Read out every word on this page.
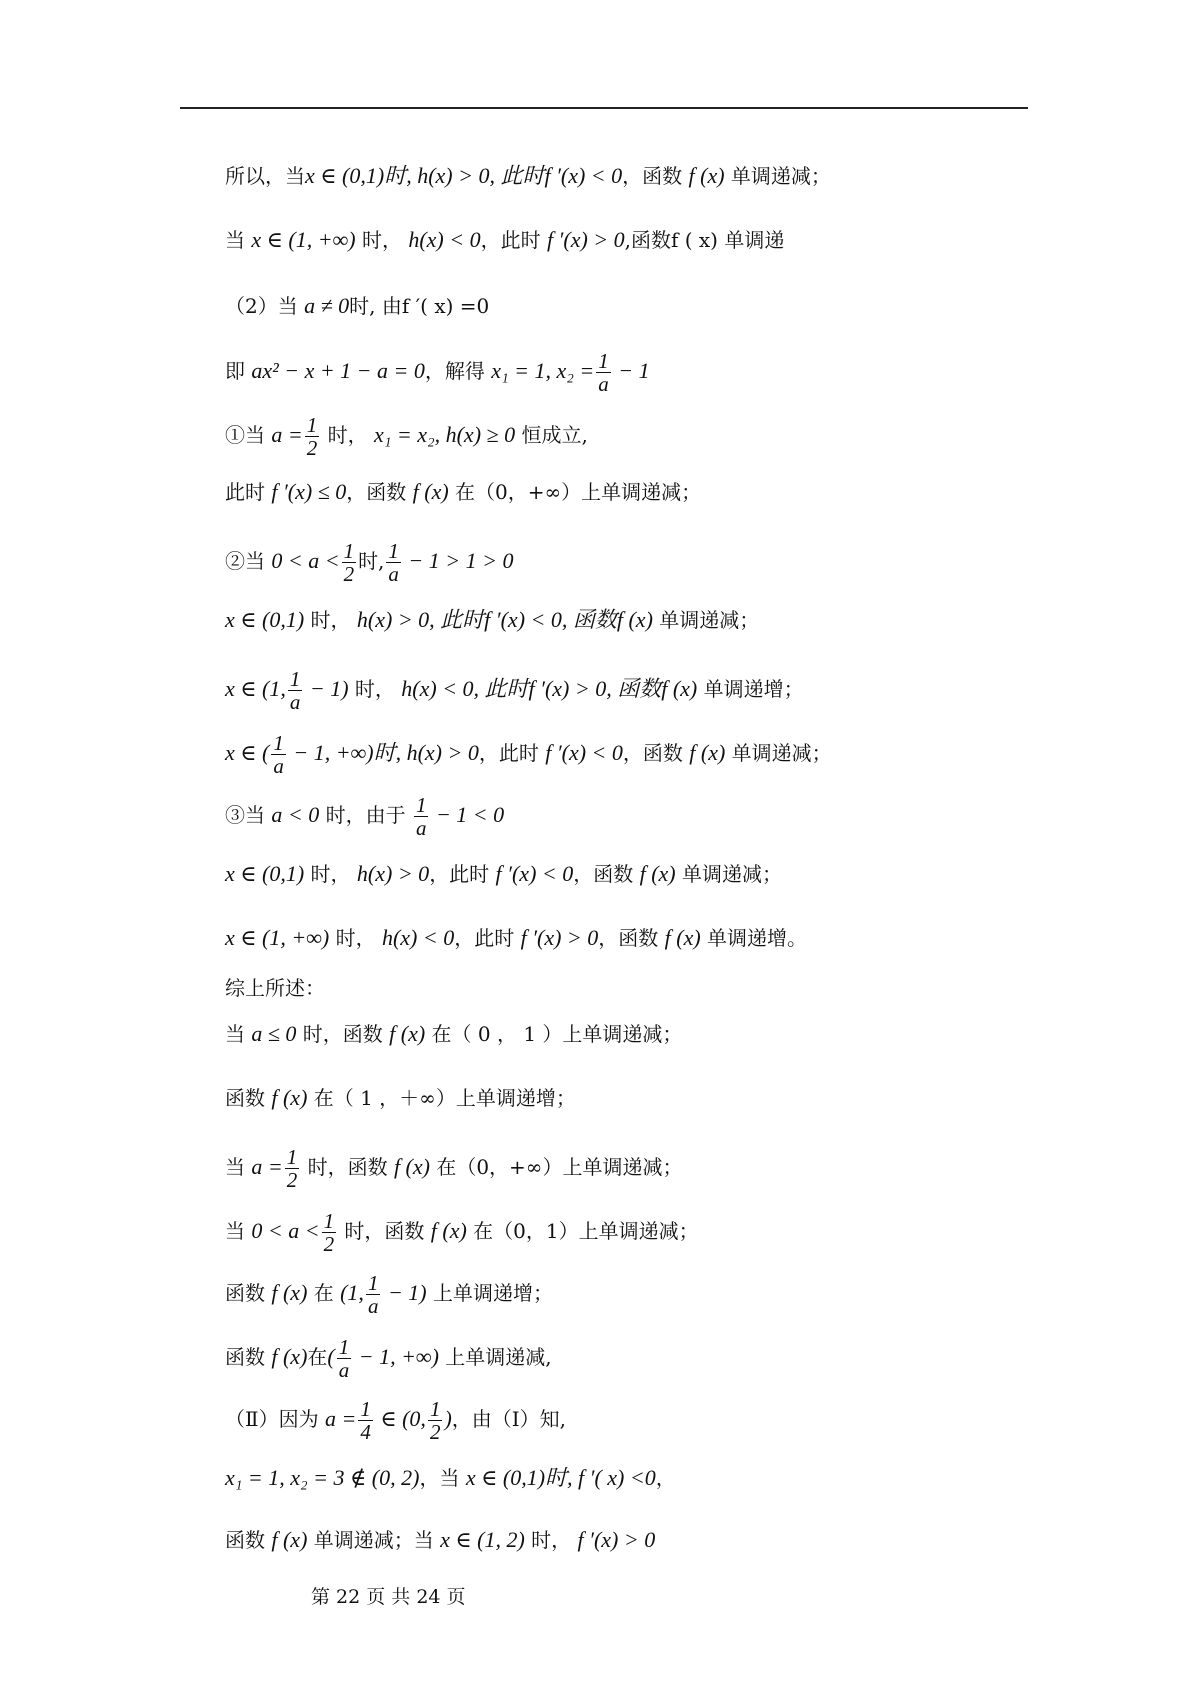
所以，当x ∈ (0,1)时, h(x) > 0, 此时f ′(x) < 0，函数 f (x) 单调递减；
当 x ∈ (1, +∞) 时， h(x) < 0，此时 f ′(x) > 0,函数f ( x) 单调递
（2）当 a ≠ 0时, 由f ′( x) =0
即 ax² − x + 1 − a = 0，解得 x₁ = 1, $x_2 = \frac{1}{a} - 1$
①当 $a = \frac{1}{2}$ 时， x₁ = x₂, h(x) ≥ 0 恒成立,
此时 f ′(x) ≤ 0，函数 f (x) 在（0，+∞）上单调递减；
②当 $0 < a < \frac{1}{2}$ 时, $\frac{1}{a} - 1 > 1 > 0$
x ∈ (0,1) 时， h(x) > 0, 此时f ′(x) < 0, 函数f (x) 单调递减；
x ∈ (1, $\frac{1}{a} - 1$) 时， h(x) < 0, 此时f ′(x) > 0, 函数f (x) 单调递增；
x ∈ ( $\frac{1}{a} - 1$, +∞)时, h(x) > 0，此时 f ′(x) < 0，函数 f (x) 单调递减；
③当 a < 0 时，由于 $\frac{1}{a} - 1 < 0$
x ∈ (0,1) 时， h(x) > 0，此时 f ′(x) < 0，函数 f (x) 单调递减；
x ∈ (1, +∞) 时， h(x) < 0，此时 f ′(x) > 0，函数 f (x) 单调递增。
综上所述：
当 a ≤ 0 时，函数 f (x) 在（ 0 ， 1 ）上单调递减；
函数 f (x) 在（ 1 ，＋∞）上单调递增；
当 $a = \frac{1}{2}$ 时，函数 f (x) 在（0，+∞）上单调递减；
当 $0 < a < \frac{1}{2}$ 时，函数 f (x) 在（0，1）上单调递减；
函数 f (x) 在 (1, $\frac{1}{a} - 1$) 上单调递增；
函数 f (x)在( $\frac{1}{a} - 1$, +∞) 上单调递减,
（Ⅱ）因为 $a = \frac{1}{4}$ ∈ (0, $\frac{1}{2}$ )，由（Ⅰ）知,
x₁ = 1, x₂ = 3 ∉ (0, 2)，当 x ∈ (0,1)时, f ′( x) <0，
函数 f (x) 单调递减；当 x ∈ (1, 2) 时， f ′(x) > 0
第 22 页 共 24 页
